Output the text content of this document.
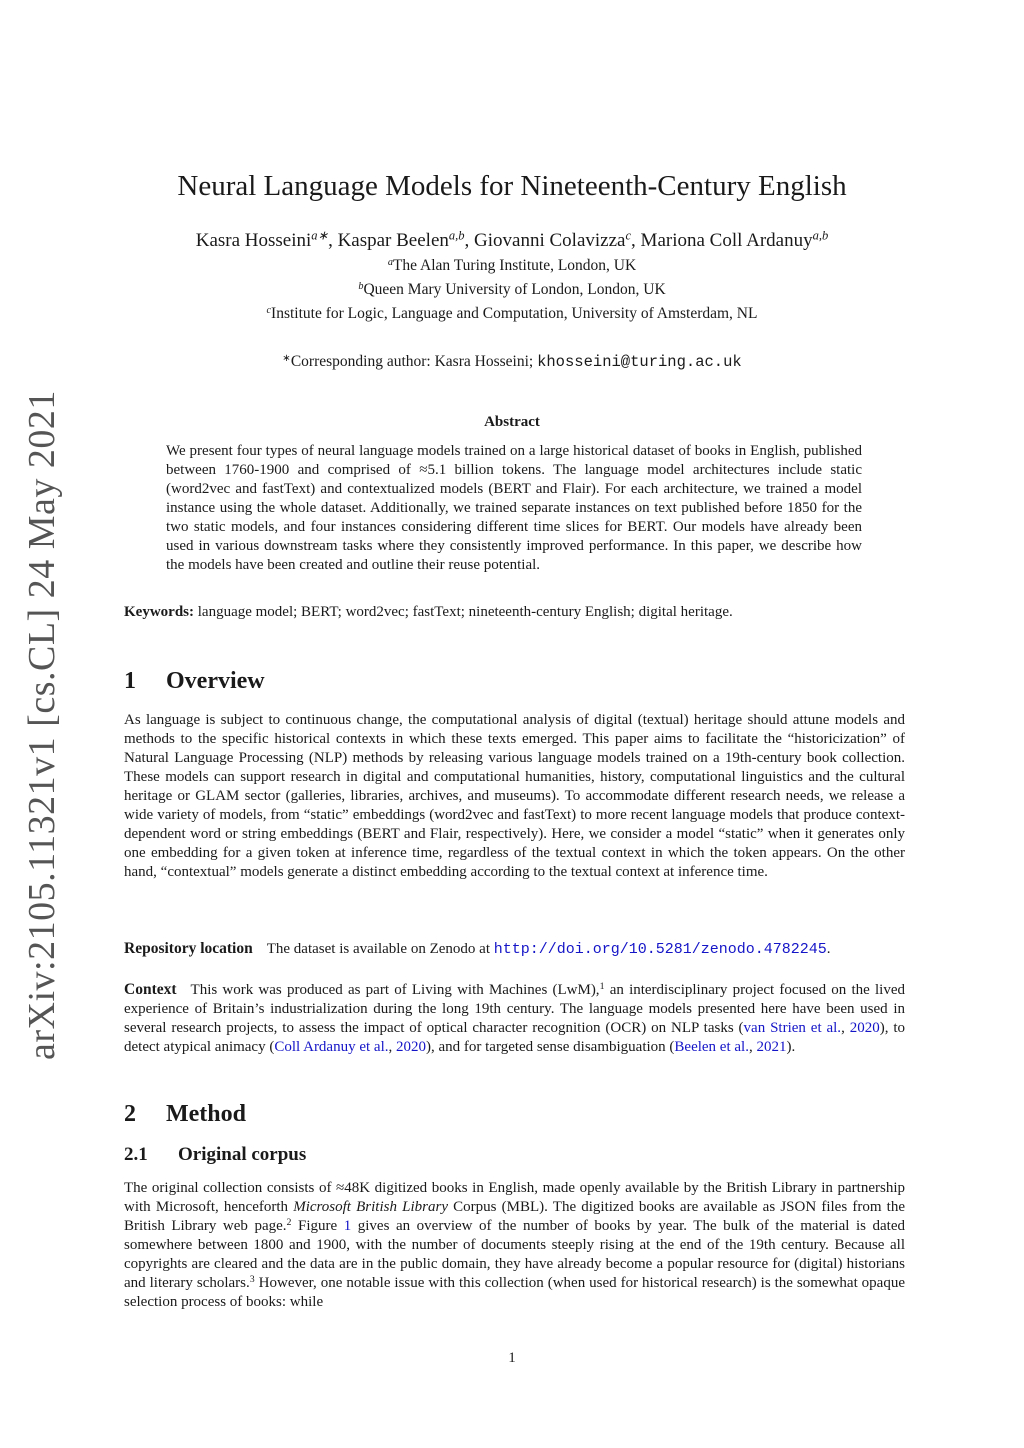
arXiv:2105.11321v1 [cs.CL] 24 May 2021
Neural Language Models for Nineteenth-Century English
Kasra Hosseini$^{a∗}$, Kaspar Beelen$^{a,b}$, Giovanni Colavizza$^c$, Mariona Coll Ardanuy$^{a,b}$
$^a$The Alan Turing Institute, London, UK
$^b$Queen Mary University of London, London, UK
$^c$Institute for Logic, Language and Computation, University of Amsterdam, NL
∗Corresponding author: Kasra Hosseini; khosseini@turing.ac.uk
Abstract

We present four types of neural language models trained on a large historical dataset of books in English, published between 1760-1900 and comprised of ≈5.1 billion tokens. The language model architectures include static (word2vec and fastText) and contextualized models (BERT and Flair). For each architecture, we trained a model instance using the whole dataset. Additionally, we trained separate instances on text published before 1850 for the two static models, and four instances considering different time slices for BERT. Our models have already been used in various downstream tasks where they consistently improved performance. In this paper, we describe how the models have been created and outline their reuse potential.

Keywords: language model; BERT; word2vec; fastText; nineteenth-century English; digital heritage.
1 Overview

As language is subject to continuous change, the computational analysis of digital (textual) heritage should attune models and methods to the specific historical contexts in which these texts emerged. This paper aims to facilitate the “historicization” of Natural Language Processing (NLP) methods by releasing various language models trained on a 19th-century book collection. These models can support research in digital and computational humanities, history, computational linguistics and the cultural heritage or GLAM sector (galleries, libraries, archives, and museums). To accommodate different research needs, we release a wide variety of models, from “static” embeddings (word2vec and fastText) to more recent language models that produce context-dependent word or string embeddings (BERT and Flair, respectively). Here, we consider a model “static” when it generates only one embedding for a given token at inference time, regardless of the textual context in which the token appears. On the other hand, “contextual” models generate a distinct embedding according to the textual context at inference time.

Repository location The dataset is available on Zenodo at http://doi.org/10.5281/zenodo.4782245.

Context This work was produced as part of Living with Machines (LwM),$^1$ an interdisciplinary project focused on the lived experience of Britain’s industrialization during the long 19th century. The language models presented here have been used in several research projects, to assess the impact of optical character recognition (OCR) on NLP tasks (van Strien et al., 2020), to detect atypical animacy (Coll Ardanuy et al., 2020), and for targeted sense disambiguation (Beelen et al., 2021).

2 Method
2.1 Original corpus

The original collection consists of ≈48K digitized books in English, made openly available by the British Library in partnership with Microsoft, henceforth Microsoft British Library Corpus (MBL). The digitized books are available as JSON files from the British Library web page.$^2$ Figure 1 gives an overview of the number of books by year. The bulk of the material is dated somewhere between 1800 and 1900, with the number of documents steeply rising at the end of the 19th century. Because all copyrights are cleared and the data are in the public domain, they have already become a popular resource for (digital) historians and literary scholars.$^3$ However, one notable issue with this collection (when used for historical research) is the somewhat opaque selection process of books: while

1
